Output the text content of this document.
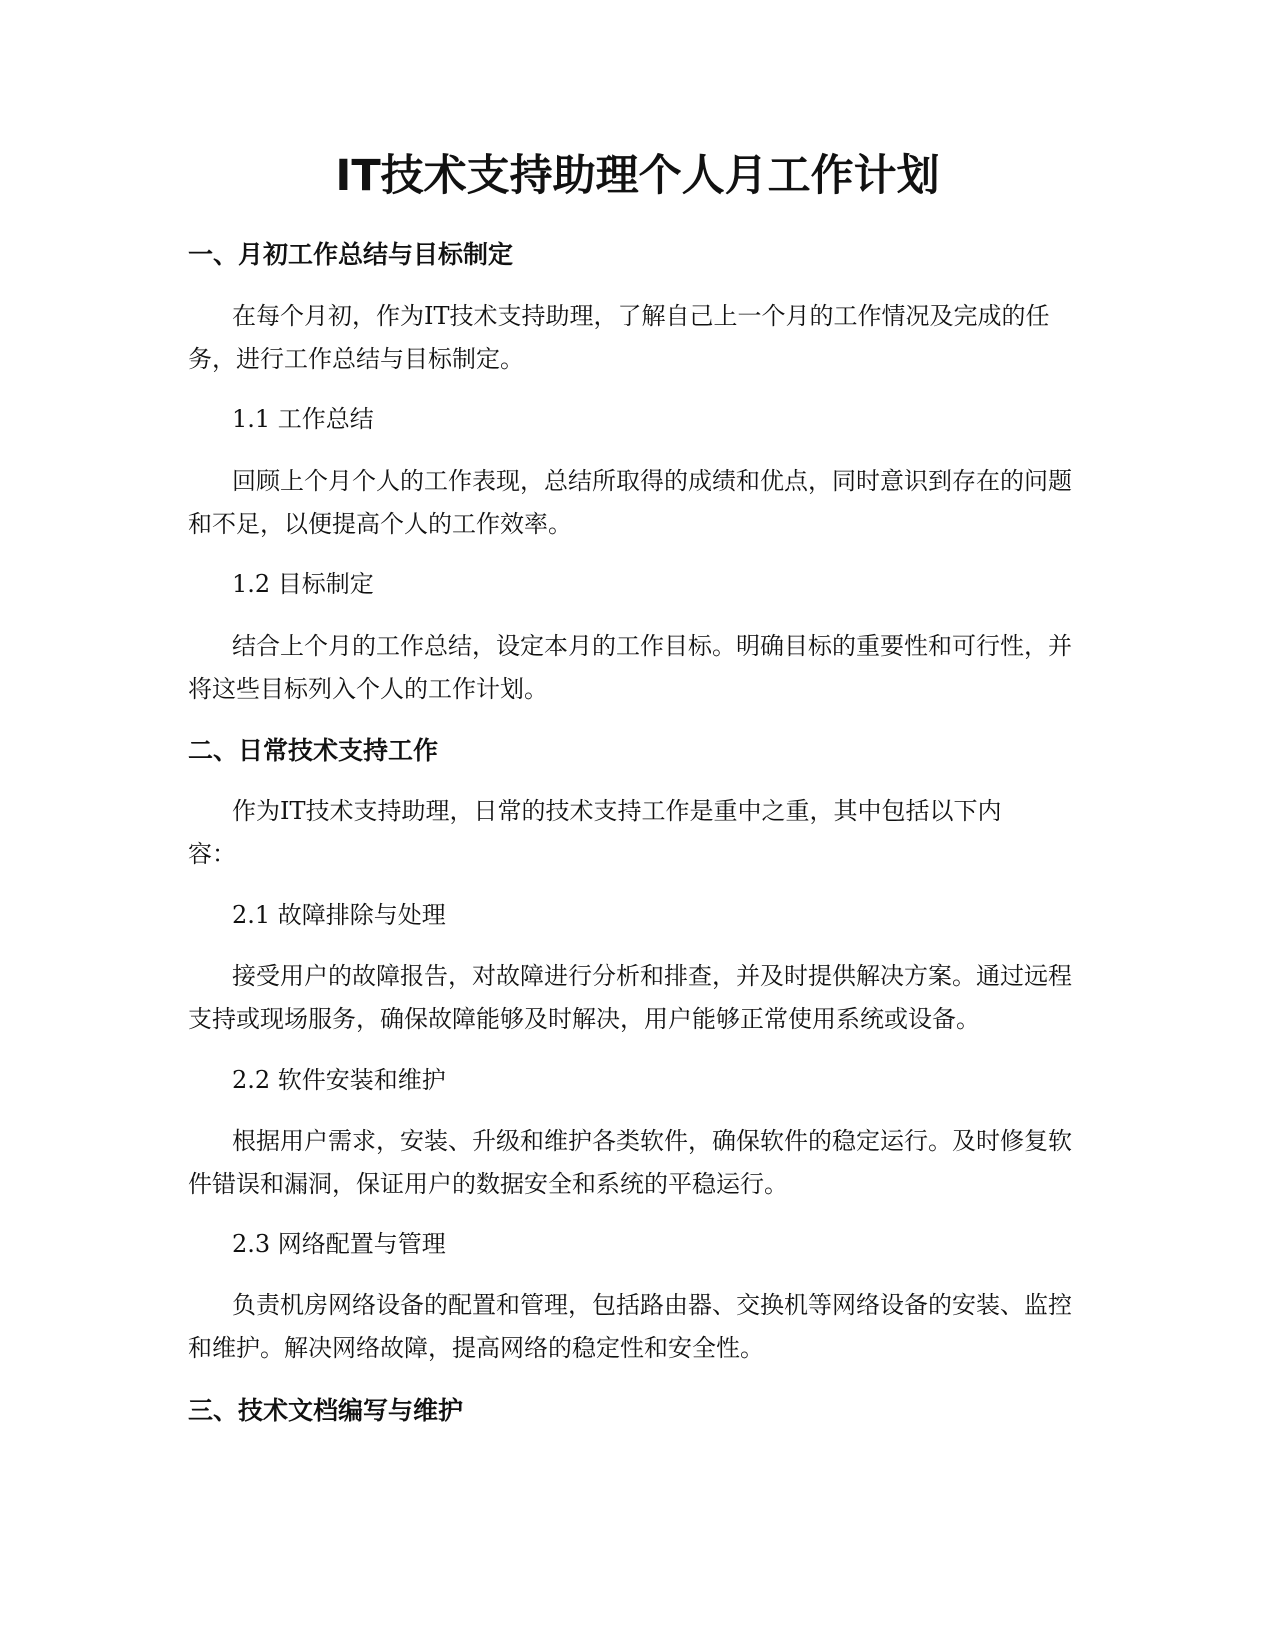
IT技术支持助理个人月工作计划
一、月初工作总结与目标制定
在每个月初，作为IT技术支持助理，了解自己上一个月的工作情况及完成的任务，进行工作总结与目标制定。
1.1 工作总结
回顾上个月个人的工作表现，总结所取得的成绩和优点，同时意识到存在的问题和不足，以便提高个人的工作效率。
1.2 目标制定
结合上个月的工作总结，设定本月的工作目标。明确目标的重要性和可行性，并将这些目标列入个人的工作计划。
二、日常技术支持工作
作为IT技术支持助理，日常的技术支持工作是重中之重，其中包括以下内容：
2.1 故障排除与处理
接受用户的故障报告，对故障进行分析和排查，并及时提供解决方案。通过远程支持或现场服务，确保故障能够及时解决，用户能够正常使用系统或设备。
2.2 软件安装和维护
根据用户需求，安装、升级和维护各类软件，确保软件的稳定运行。及时修复软件错误和漏洞，保证用户的数据安全和系统的平稳运行。
2.3 网络配置与管理
负责机房网络设备的配置和管理，包括路由器、交换机等网络设备的安装、监控和维护。解决网络故障，提高网络的稳定性和安全性。
三、技术文档编写与维护
